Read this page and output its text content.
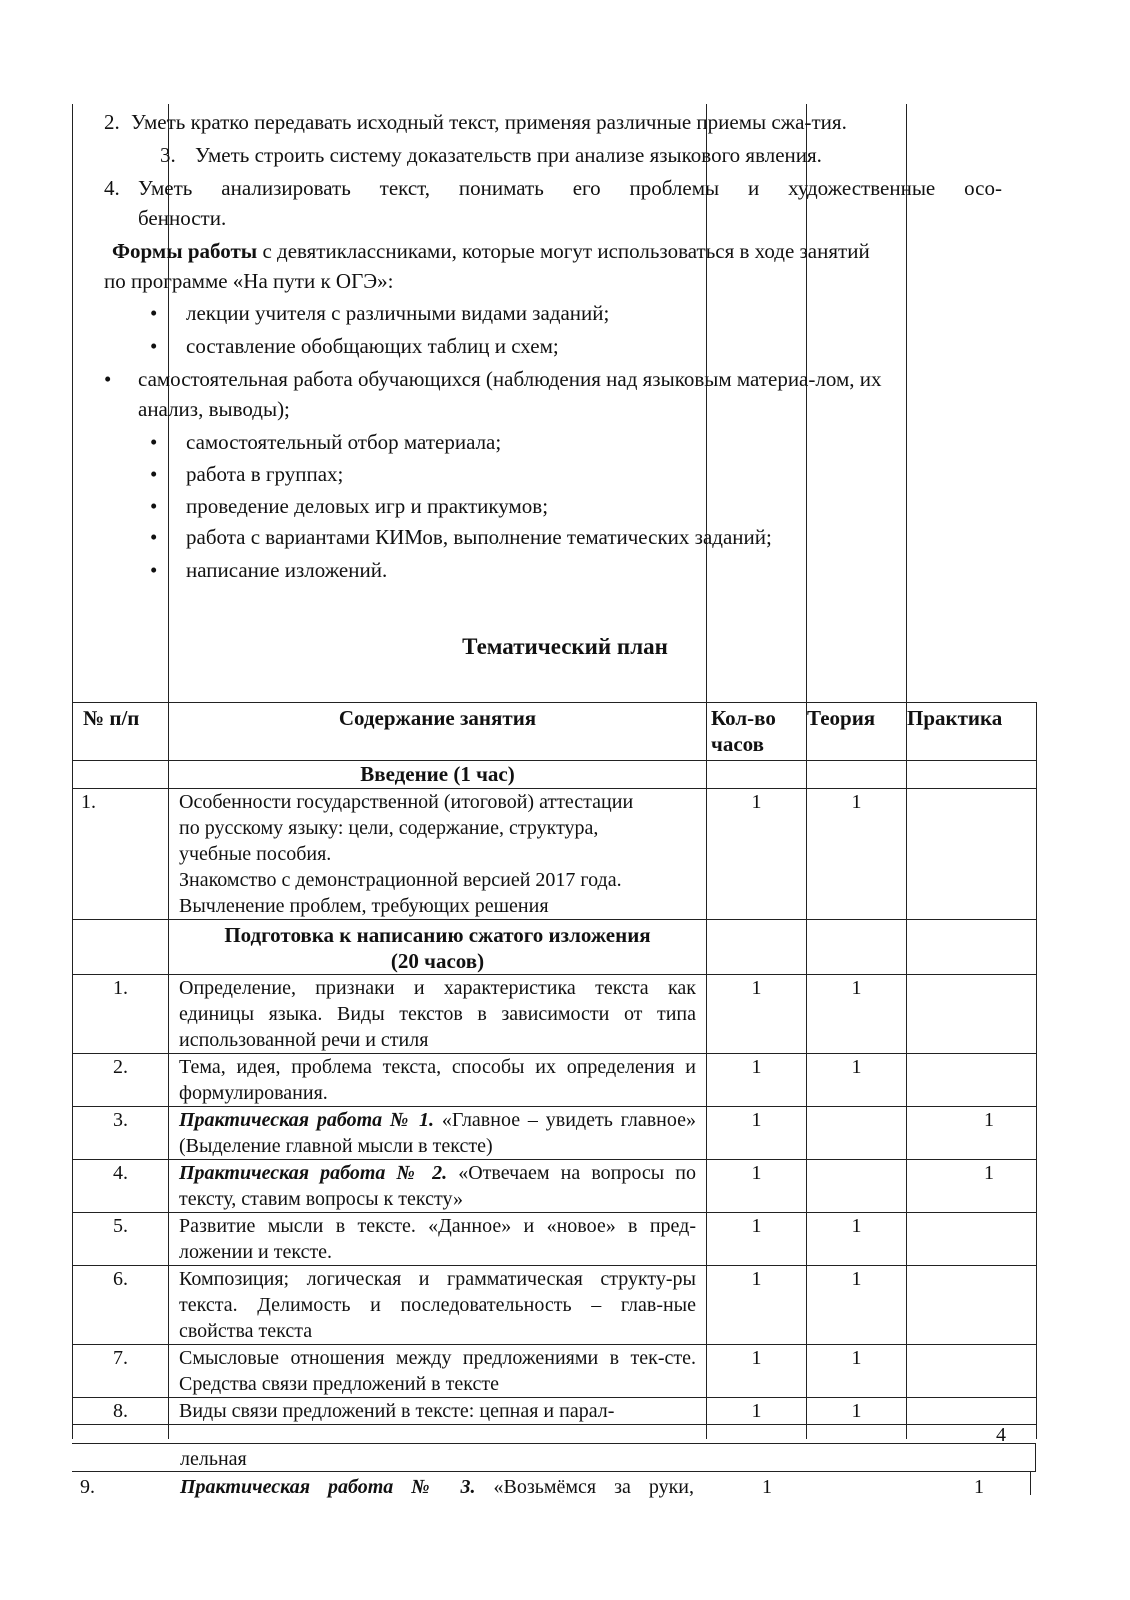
2. Уметь кратко передавать исходный текст, применяя различные приемы сжа-тия.
3. Уметь строить систему доказательств при анализе языкового явления.
4. Уметь анализировать текст, понимать его проблемы и художественные осо-
бенности.
Формы работы с девятиклассниками, которые могут использоваться в ходе занятий
по программе «На пути к ОГЭ»:
• лекции учителя с различными видами заданий;
• составление обобщающих таблиц и схем;
• самостоятельная работа обучающихся (наблюдения над языковым материа-лом, их
анализ, выводы);
• самостоятельный отбор материала;
• работа в группах;
• проведение деловых игр и практикумов;
• работа с вариантами КИМов, выполнение тематических заданий;
• написание изложений.
Тематический план
№ п/п	Содержание занятия	Кол-во
часов	Теория	Практика
	Введение (1 час)			
1.	Особенности государственной (итоговой) аттестации
по русскому языку: цели, содержание, структура,
учебные пособия.
Знакомство с демонстрационной версией 2017 года.
Вычленение проблем, требующих решения	1	1	

	Подготовка к написанию сжатого изложения
(20 часов)			

1.	Определение, признаки и характеристика текста как единицы языка. Виды текстов в зависимости от типа использованной речи и стиля	1	1	
2.	Тема, идея, проблема текста, способы их определения и формулирования.	1	1	
3.	Практическая работа № 1. «Главное – увидеть главное» (Выделение главной мысли в тексте)	1		1
4.	Практическая работа № 2. «Отвечаем на вопросы по тексту, ставим вопросы к тексту»	1		1
5.	Развитие мысли в тексте. «Данное» и «новое» в пред-ложении и тексте.	1	1	
6.	Композиция; логическая и грамматическая структу-ры текста. Делимость и последовательность – глав-ные свойства текста	1	1	
7.	Смысловые отношения между предложениями в тек-сте. Средства связи предложений в тексте	1	1	
8.	Виды связи предложений в тексте: цепная и парал-	1	1	

4
лельная
9.	Практическая работа № 3. «Возьмёмся за руки,	1	1
